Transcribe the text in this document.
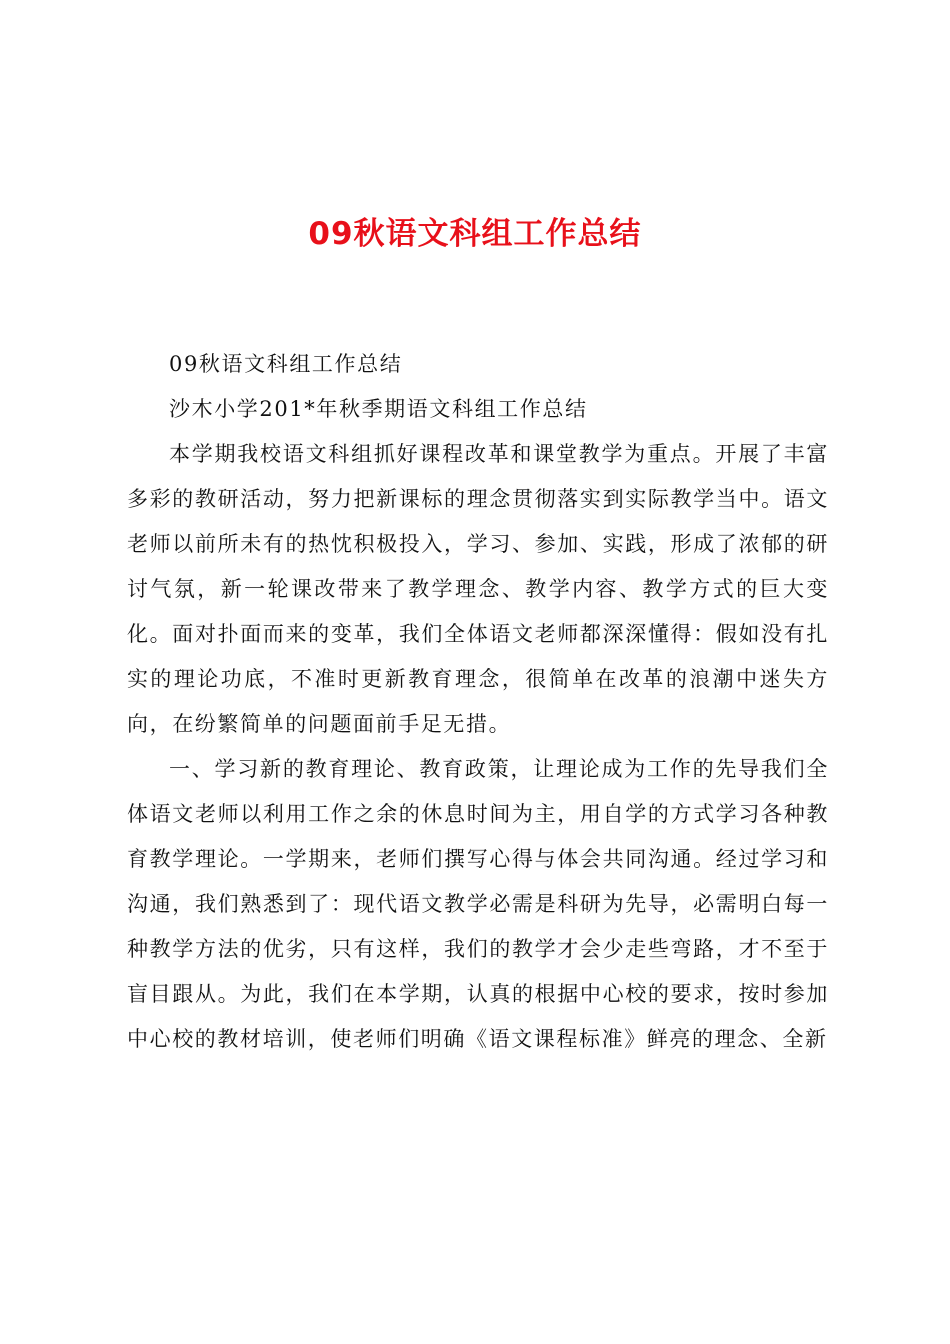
09秋语文科组工作总结

09秋语文科组工作总结

沙木小学201*年秋季期语文科组工作总结

本学期我校语文科组抓好课程改革和课堂教学为重点。开展了丰富多彩的教研活动，努力把新课标的理念贯彻落实到实际教学当中。语文老师以前所未有的热忱积极投入，学习、参加、实践，形成了浓郁的研讨气氛，新一轮课改带来了教学理念、教学内容、教学方式的巨大变化。面对扑面而来的变革，我们全体语文老师都深深懂得：假如没有扎实的理论功底，不准时更新教育理念，很简单在改革的浪潮中迷失方向，在纷繁简单的问题面前手足无措。

一、学习新的教育理论、教育政策，让理论成为工作的先导我们全体语文老师以利用工作之余的休息时间为主，用自学的方式学习各种教育教学理论。一学期来，老师们撰写心得与体会共同沟通。经过学习和沟通，我们熟悉到了：现代语文教学必需是科研为先导，必需明白每一种教学方法的优劣，只有这样，我们的教学才会少走些弯路，才不至于盲目跟从。为此，我们在本学期，认真的根据中心校的要求，按时参加中心校的教材培训，使老师们明确《语文课程标准》鲜亮的理念、全新
